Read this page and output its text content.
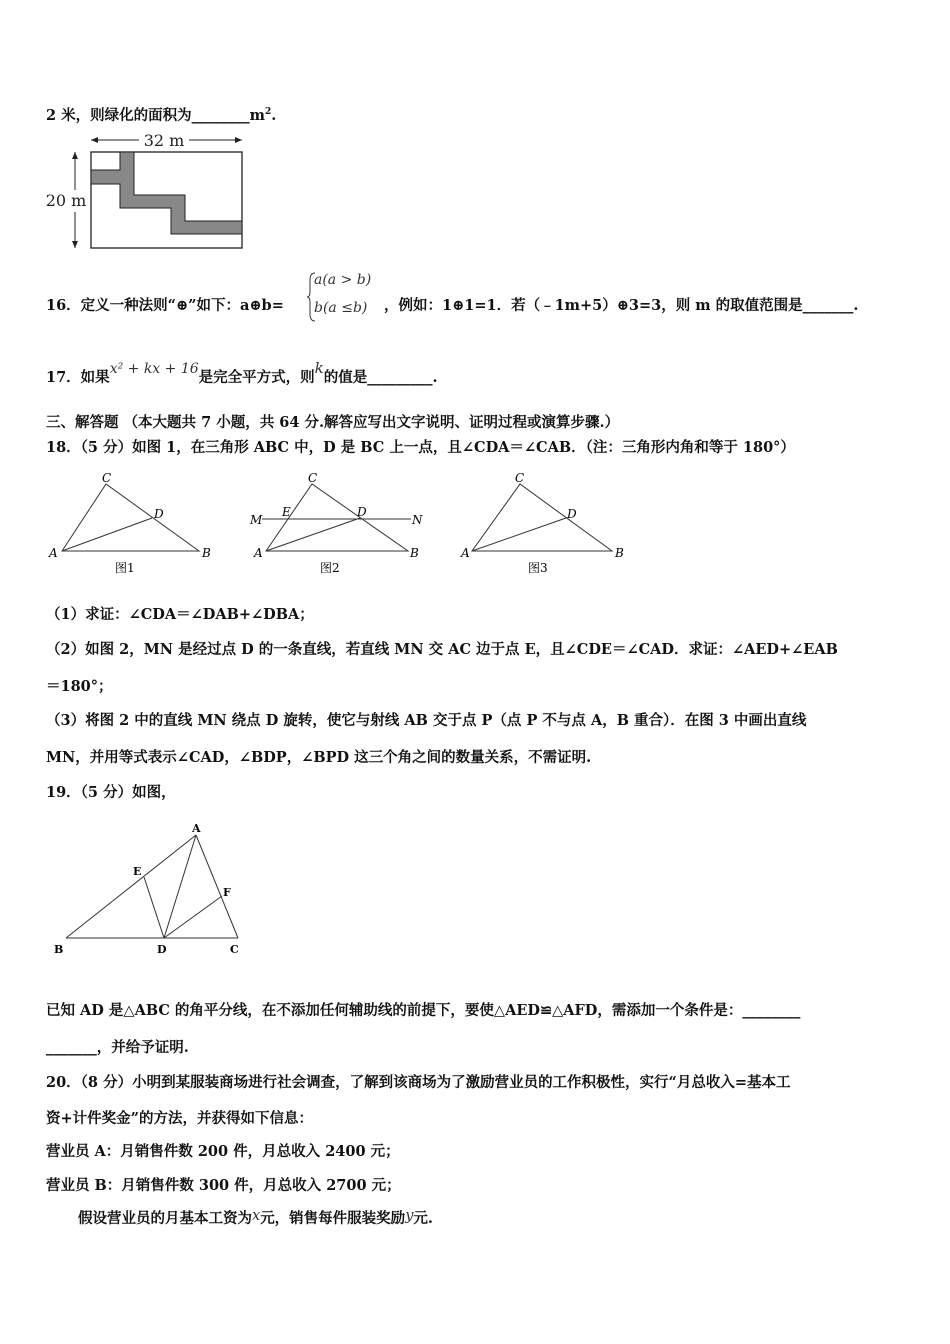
2 米，则绿化的面积为$\_\_\_\_\_\_\_\_m^2$.
32 m
20 m
16．定义一种法则“⊕”如下：a⊕b=
a(a > b)
b(a ≤b) ，例如：1⊕1=1．若（﹣1m+5）⊕3=3，则 m 的取值范围是_______.
17．如果x² + kx + 16是完全平方式，则k的值是_________.
三、解答题 （本大题共 7 小题，共 64 分.解答应写出文字说明、证明过程或演算步骤.）
18．（5 分）如图 1，在三角形 ABC 中，D 是 BC 上一点，且∠CDA＝∠CAB．（注：三角形内角和等于 180°）
C
D
A	B
图1
C
M
E	D
N
A	B
图2
C
D
A	B
图3
（1）求证：∠CDA＝∠DAB+∠DBA；
（2）如图 2，MN 是经过点 D 的一条直线，若直线 MN 交 AC 边于点 E，且∠CDE＝∠CAD．求证：∠AED+∠EAB
＝180°；
（3）将图 2 中的直线 MN 绕点 D 旋转，使它与射线 AB 交于点 P（点 P 不与点 A，B 重合）．在图 3 中画出直线
MN，并用等式表示∠CAD，∠BDP，∠BPD 这三个角之间的数量关系，不需证明.
19．（5 分）如图，
A
E
F
B	D	C
已知 AD 是△ABC 的角平分线，在不添加任何辅助线的前提下，要使△AED≌△AFD，需添加一个条件是：________
_______，并给予证明.
20．（8 分）小明到某服装商场进行社会调查，了解到该商场为了激励营业员的工作积极性，实行“月总收入=基本工
资+计件奖金”的方法，并获得如下信息：
营业员 A：月销售件数 200 件，月总收入 2400 元；
营业员 B：月销售件数 300 件，月总收入 2700 元；
假设营业员的月基本工资为x元，销售每件服装奖励y元.
